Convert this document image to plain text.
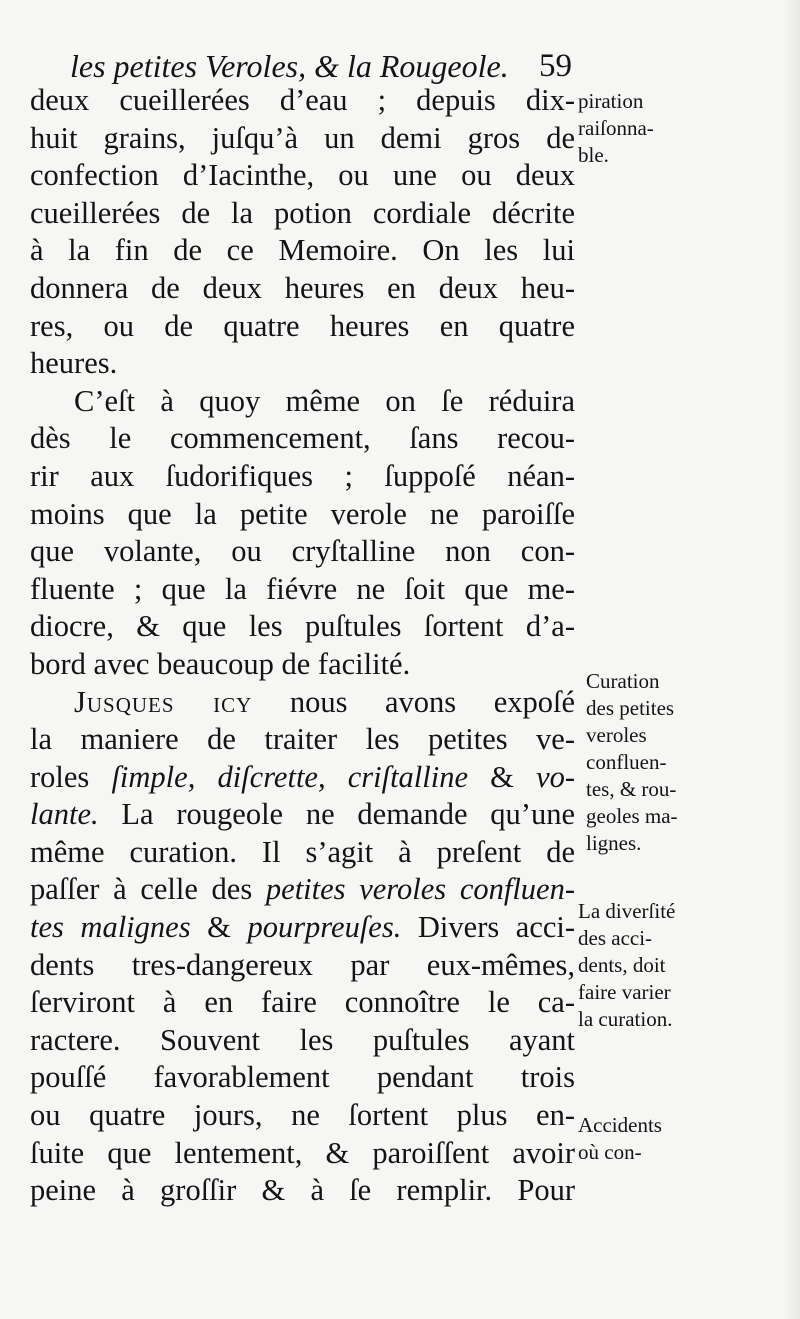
les petites Veroles, & la Rougeole. 59
deux cueillerées d’eau ; depuis dix-
huit grains, juſqu’à un demi gros de
confection d’Iacinthe, ou une ou deux
cueillerées de la potion cordiale décrite
à la fin de ce Memoire. On les lui
donnera de deux heures en deux heu-
res, ou de quatre heures en quatre
heures.
C’eſt à quoy même on ſe réduira
dès le commencement, ſans recou-
rir aux ſudorifiques ; ſuppoſé néan-
moins que la petite verole ne paroiſſe
que volante, ou cryſtalline non con-
fluente ; que la fiévre ne ſoit que me-
diocre, & que les puſtules ſortent d’a-
bord avec beaucoup de facilité.
Jusques icy nous avons expoſé
la maniere de traiter les petites ve-
roles ſimple, diſcrette, criſtalline & vo-
lante. La rougeole ne demande qu’une
même curation. Il s’agit à preſent de
paſſer à celle des petites veroles confluen-
tes malignes & pourpreuſes. Divers acci-
dents tres-dangereux par eux-mêmes,
ſerviront à en faire connoître le ca-
ractere. Souvent les puſtules ayant
pouſſé favorablement pendant trois
ou quatre jours, ne ſortent plus en-
ſuite que lentement, & paroiſſent avoir
peine à groſſir & à ſe remplir. Pour
piration
raiſonna-
ble.
Curation
des petites
veroles
confluen-
tes, & rou-
geoles ma-
lignes.
La diverſité
des acci-
dents, doit
faire varier
la curation.
Accidents
où con-
